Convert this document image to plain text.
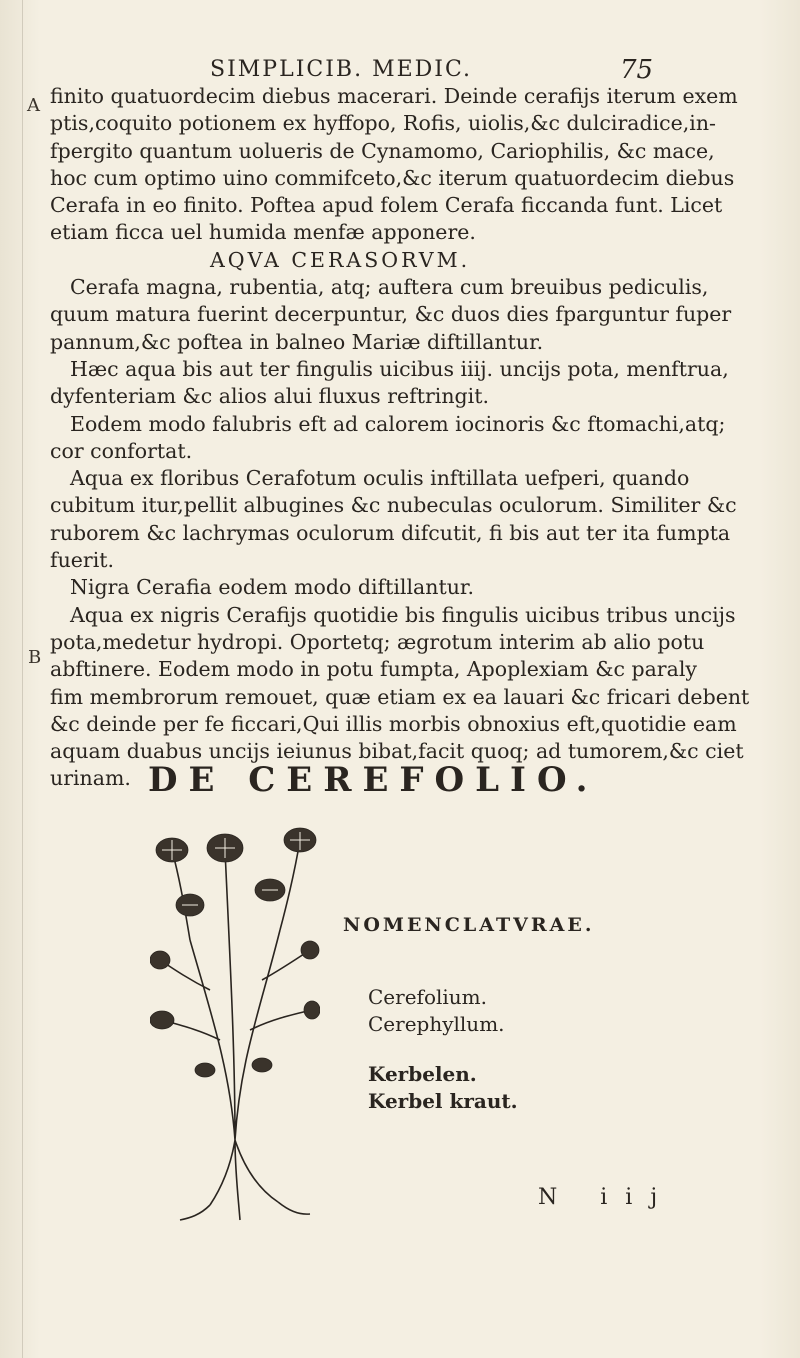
SIMPLICIB. MEDIC.	75
A
B
finito quatuordecim diebus macerari. Deinde cerafijs iterum exem
ptis,coquito potionem ex hyffopo, Rofis, uiolis,&c dulciradice,in-
fpergito quantum uolueris de Cynamomo, Cariophilis, &c mace,
hoc cum optimo uino commifceto,&c iterum quatuordecim diebus
Cerafa in eo finito. Poftea apud folem Cerafa ficcanda funt. Licet
etiam ficca uel humida menfæ apponere.
AQVA CERASORVM.
Cerafa magna, rubentia, atq; auftera cum breuibus pediculis,
quum matura fuerint decerpuntur, &c duos dies fparguntur fuper
pannum,&c poftea in balneo Mariæ diftillantur.
Hæc aqua bis aut ter fingulis uicibus iiij. uncijs pota, menftrua,
dyfenteriam &c alios alui fluxus reftringit.
Eodem modo falubris eft ad calorem iocinoris &c ftomachi,atq;
cor confortat.
Aqua ex floribus Cerafotum oculis inftillata uefperi, quando
cubitum itur,pellit albugines &c nubeculas oculorum. Similiter &c
ruborem &c lachrymas oculorum difcutit, fi bis aut ter ita fumpta
fuerit.
Nigra Cerafia eodem modo diftillantur.
Aqua ex nigris Cerafijs quotidie bis fingulis uicibus tribus uncijs
pota,medetur hydropi. Oportetq; ægrotum interim ab alio potu
abftinere. Eodem modo in potu fumpta, Apoplexiam &c paraly
fim membrorum remouet, quæ etiam ex ea lauari &c fricari debent
&c deinde per fe ficcari,Qui illis morbis obnoxius eft,quotidie eam
aquam duabus uncijs ieiunus bibat,facit quoq; ad tumorem,&c ciet
urinam. DE CEREFOLIO.
NOMENCLATVRAE.
Cerefolium.
Cerephyllum.
Kerbelen.
Kerbel kraut.
N iij
